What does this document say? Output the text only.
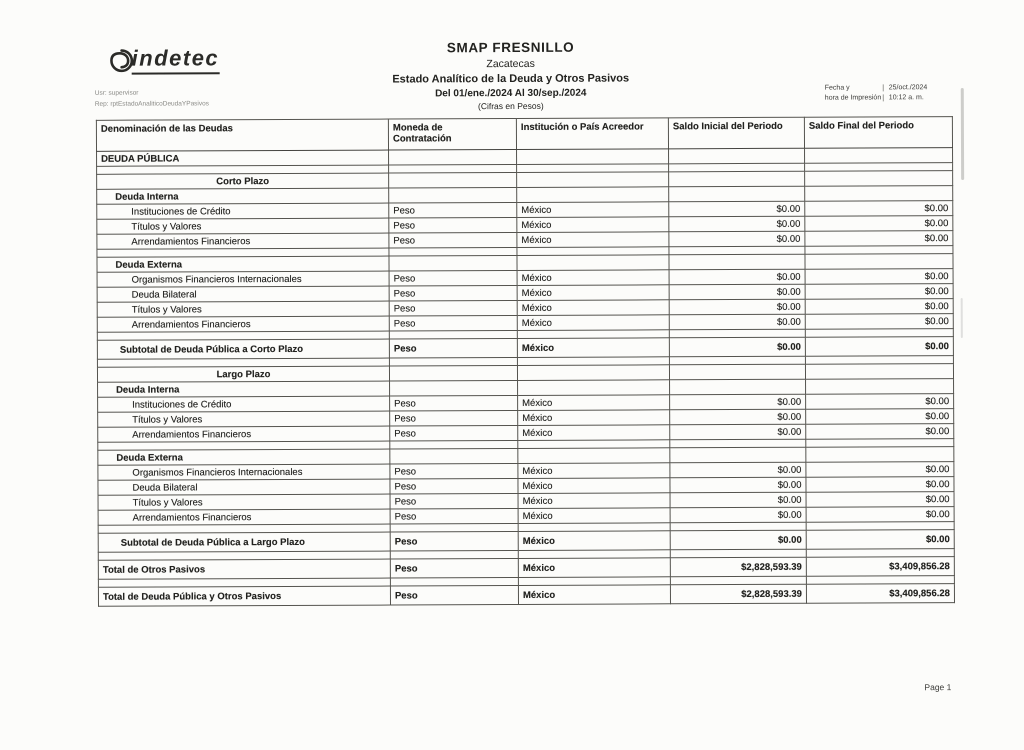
indetec
Usr: supervisor
Rep: rptEstadoAnaliticoDeudaYPasivos
SMAP FRESNILLO
Zacatecas
Estado Analítico de la Deuda y Otros Pasivos
Del 01/ene./2024 Al 30/sep./2024
(Cifras en Pesos)
Fecha y	25/oct./2024
hora de Impresión	10:12 a. m.
Denominación de las Deudas	Moneda de Contratación	Institución o País Acreedor	Saldo Inicial del Periodo	Saldo Final del Periodo
DEUDA PÚBLICA				

Corto Plazo				
Deuda Interna				
Instituciones de Crédito	Peso	México	$0.00	$0.00
Títulos y Valores	Peso	México	$0.00	$0.00
Arrendamientos Financieros	Peso	México	$0.00	$0.00

Deuda Externa				
Organismos Financieros Internacionales	Peso	México	$0.00	$0.00
Deuda Bilateral	Peso	México	$0.00	$0.00
Títulos y Valores	Peso	México	$0.00	$0.00
Arrendamientos Financieros	Peso	México	$0.00	$0.00

Subtotal de Deuda Pública a Corto Plazo	Peso	México	$0.00	$0.00

Largo Plazo				
Deuda Interna				
Instituciones de Crédito	Peso	México	$0.00	$0.00
Títulos y Valores	Peso	México	$0.00	$0.00
Arrendamientos Financieros	Peso	México	$0.00	$0.00

Deuda Externa				
Organismos Financieros Internacionales	Peso	México	$0.00	$0.00
Deuda Bilateral	Peso	México	$0.00	$0.00
Títulos y Valores	Peso	México	$0.00	$0.00
Arrendamientos Financieros	Peso	México	$0.00	$0.00

Subtotal de Deuda Pública a Largo Plazo	Peso	México	$0.00	$0.00

Total de Otros Pasivos	Peso	México	$2,828,593.39	$3,409,856.28

Total de Deuda Pública y Otros Pasivos	Peso	México	$2,828,593.39	$3,409,856.28
Page 1
